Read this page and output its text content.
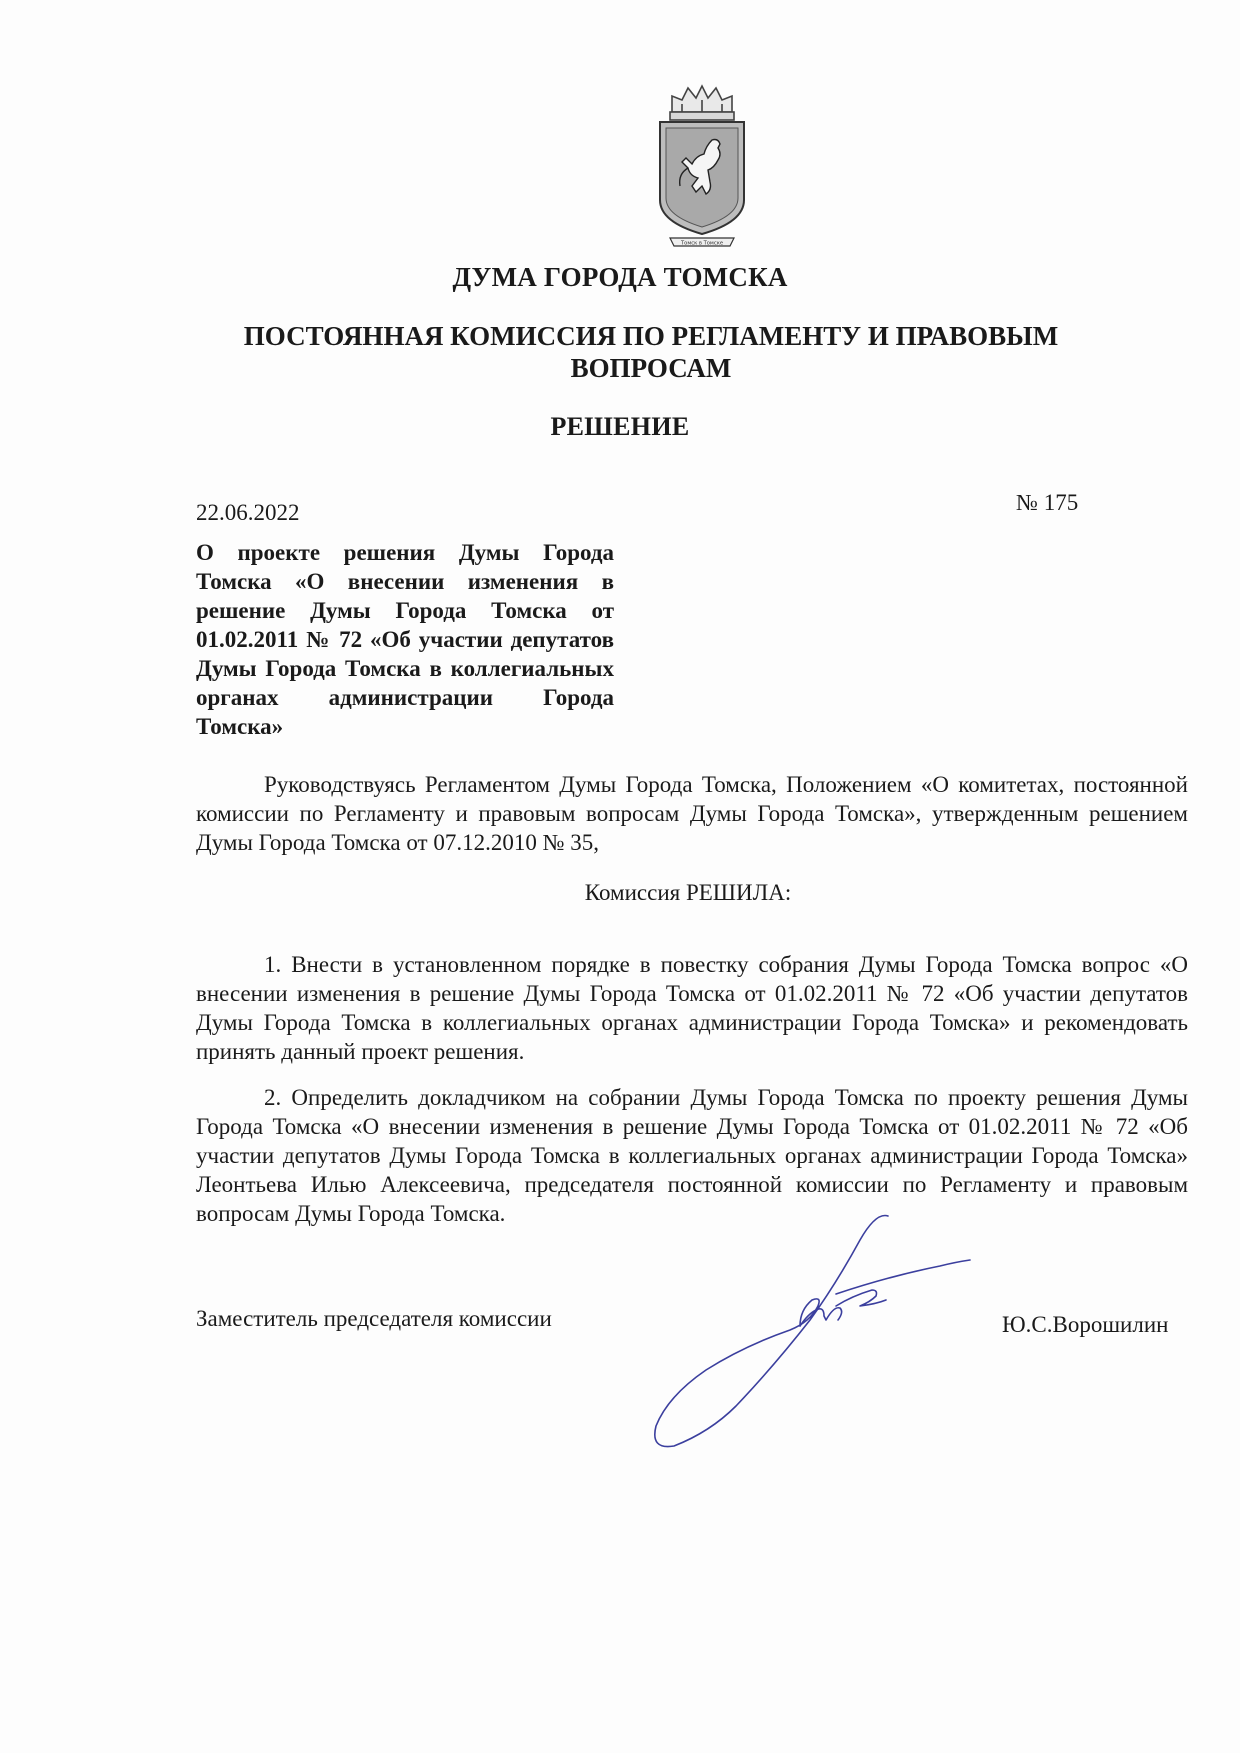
Томск в Томске
ДУМА ГОРОДА ТОМСКА
ПОСТОЯННАЯ КОМИССИЯ ПО РЕГЛАМЕНТУ И ПРАВОВЫМ
ВОПРОСАМ
РЕШЕНИЕ
22.06.2022	№ 175
О проекте решения Думы Города Томска «О внесении изменения в решение Думы Города Томска от 01.02.2011 № 72 «Об участии депутатов Думы Города Томска в коллегиальных органах администрации Города Томска»
Руководствуясь Регламентом Думы Города Томска, Положением «О комитетах, постоянной комиссии по Регламенту и правовым вопросам Думы Города Томска», утвержденным решением Думы Города Томска от 07.12.2010 № 35,
Комиссия РЕШИЛА:
1. Внести в установленном порядке в повестку собрания Думы Города Томска вопрос «О внесении изменения в решение Думы Города Томска от 01.02.2011 № 72 «Об участии депутатов Думы Города Томска в коллегиальных органах администрации Города Томска» и рекомендовать принять данный проект решения.
2. Определить докладчиком на собрании Думы Города Томска по проекту решения Думы Города Томска «О внесении изменения в решение Думы Города Томска от 01.02.2011 № 72 «Об участии депутатов Думы Города Томска в коллегиальных органах администрации Города Томска» Леонтьева Илью Алексеевича, председателя постоянной комиссии по Регламенту и правовым вопросам Думы Города Томска.
Заместитель председателя комиссии	Ю.С.Ворошилин
